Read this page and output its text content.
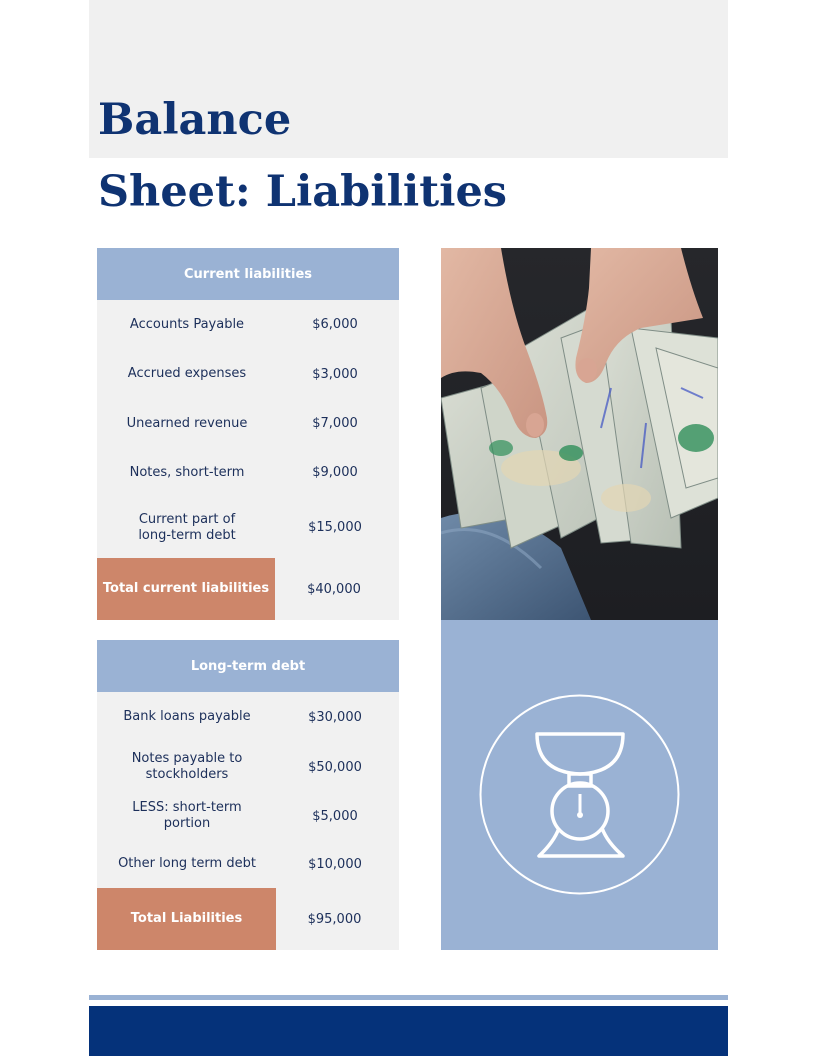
Balance
Sheet: Liabilities
Current liabilities
Accounts Payable	$6,000
Accrued expenses	$3,000
Unearned revenue	$7,000
Notes, short-term	$9,000
Current part of long-term debt	$15,000
Total current liabilities	$40,000
Long-term debt
Bank loans payable	$30,000
Notes payable to stockholders	$50,000
LESS: short-term portion	$5,000
Other long term debt	$10,000
Total Liabilities	$95,000
